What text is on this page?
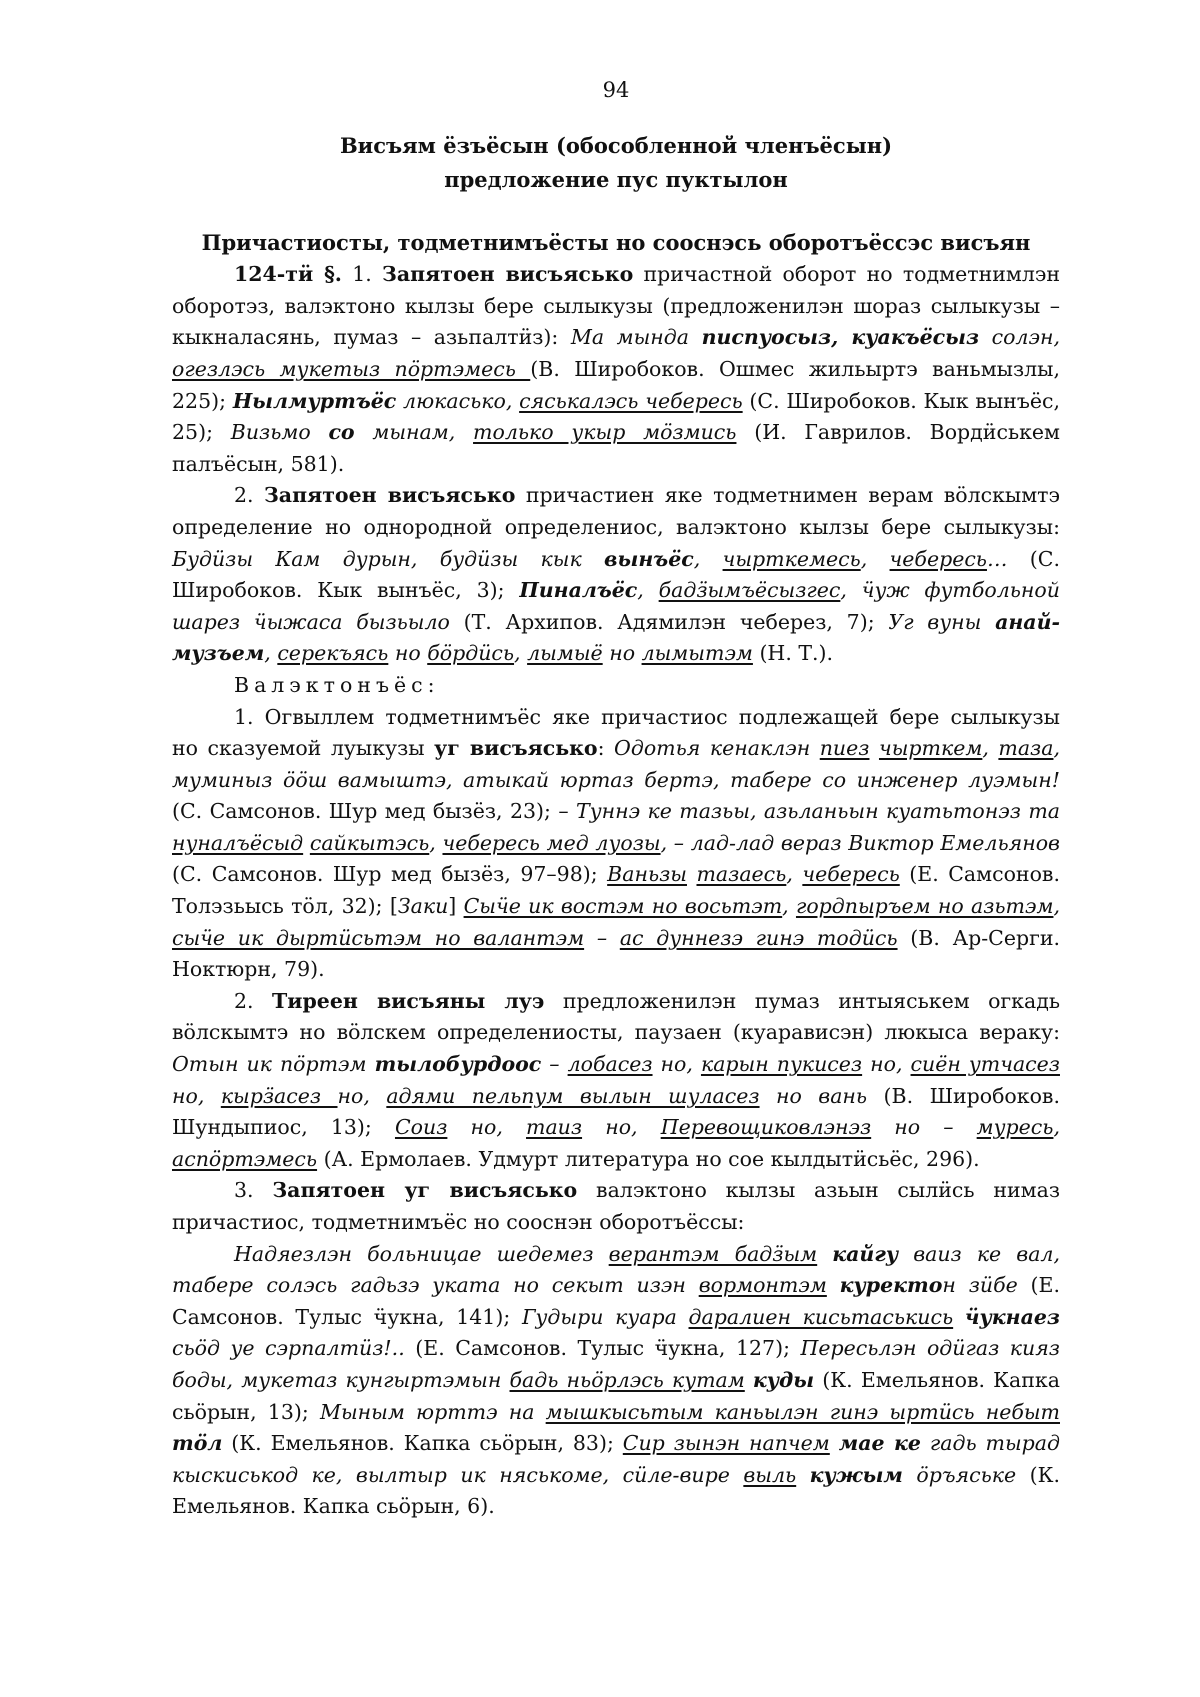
94
Висъям ёзъёсын (обособленной членъёсын)
предложение пус пуктылон
Причастиосты, тодметнимъёсты но сооснэсь оборотъёссэс висъян

124-тӥ §. 1. Запятоен висъясько причастной оборот но тодметнимлэн оборотэз, валэктоно кылзы бере сылыкузы (предложенилэн шораз сылыкузы – кыкналасянь, пумаз – азьпалтӥз): Ма мында писпуосыз, куакъёсыз солэн, огезлэсь мукетыз пӧртэмесь (В. Широбоков. Ошмес жильыртэ ваньмызлы, 225); Нылмуртъёс люкаськo, сяськалэсь чебересь (С. Широбоков. Кык вынъёс, 25); Визьмо со мынам, только укыр мӧзмись (И. Гаврилов. Вордӥськем палъёсын, 581).

2. Запятоен висъясько причастиен яке тодметнимен верам вӧлскымтэ определение но однородной определениос, валэктоно кылзы бере сылыкузы: Будӥзы Кам дурын, будӥзы кык вынъёс, чырткемесь, чебересь… (С. Широбоков. Кык вынъёс, 3); Пиналъёс, бадӟымъёсызгес, ӵуж футбольной шарез ӵыжаса бызьыло (Т. Архипов. Адямилэн чеберез, 7); Уг вуны анай-музъем, серекъясь но бӧрдӥсь, лымыё но лымытэм (Н. Т.).

Валэктонъёс:

1. Огвыллем тодметнимъёс яке причастиос подлежащей бере сылыкузы но сказуемой луыкузы уг висъясько: Одотья кенаклэн пиез чырткем, таза, муминыз ӧӧш вамыштэ, атыкай юртаз бертэ, табере со инженер луэмын! (С. Самсонов. Шур мед бызёз, 23); – Туннэ ке тазьы, азьланьын куатьтонэз та нуналъёсыд сайкытэсь, чебересь мед луозы, – лад-лад вераз Виктор Емельянов (С. Самсонов. Шур мед бызёз, 97–98); Ваньзы тазаесь, чебересь (Е. Самсонов. Толэзьысь тӧл, 32); [Заки] Сыӵе ик востэм но восьтэт, гордпыръем но азьтэм, сыӵе ик дыртӥсьтэм но валантэм – ас дуннезэ гинэ тодӥсь (В. Ар-Серги. Ноктюрн, 79).

2. Тиреен висъяны луэ предложенилэн пумаз интыяськем огкадь вӧлскымтэ но вӧлскем определениосты, паузаен (куарависэн) люкыса вераку: Отын ик пӧртэм тылобурдоос – лобасез но, карын пукисез но, сиён утчасез но, кырӟасез но, адями пельпум вылын шуласез но вань (В. Широбоков. Шундыпиос, 13); Соиз но, таиз но, Перевощиковлэнэз но – муресь, аспӧртэмесь (А. Ермолаев. Удмурт литература но сое кылдытӥсьёс, 296).

3. Запятоен уг висъясько валэктоно кылзы азьын сылӥсь нимаз причастиос, тодметнимъёс но сооснэн оборотъёссы:

Надяезлэн больницае шедемез верантэм бадӟым кайгу ваиз ке вал, табере солэсь гадьзэ уката но секыт изэн вормонтэм куректон зӥбе (Е. Самсонов. Тулыс ӵукна, 141); Гудыри куара даралиен кисьтаськись ӵукнаез сьӧд уе сэрпалтӥз!.. (Е. Самсонов. Тулыс ӵукна, 127); Пересьлэн одӥгаз кияз боды, мукетаз кунгыртэмын бадь ньӧрлэсь кутам куды (К. Емельянов. Капка сьӧрын, 13); Мыным юрттэ на мышкысьтым каньылэн гинэ ыртӥсь небыт тӧл (К. Емельянов. Капка сьӧрын, 83); Сир зынэн напчем мае ке гадь тырад кыскиськод ке, вылтыр ик няськоме, сӥле-вире выль кужым ӧръяськe (К. Емельянов. Капка сьӧрын, 6).
